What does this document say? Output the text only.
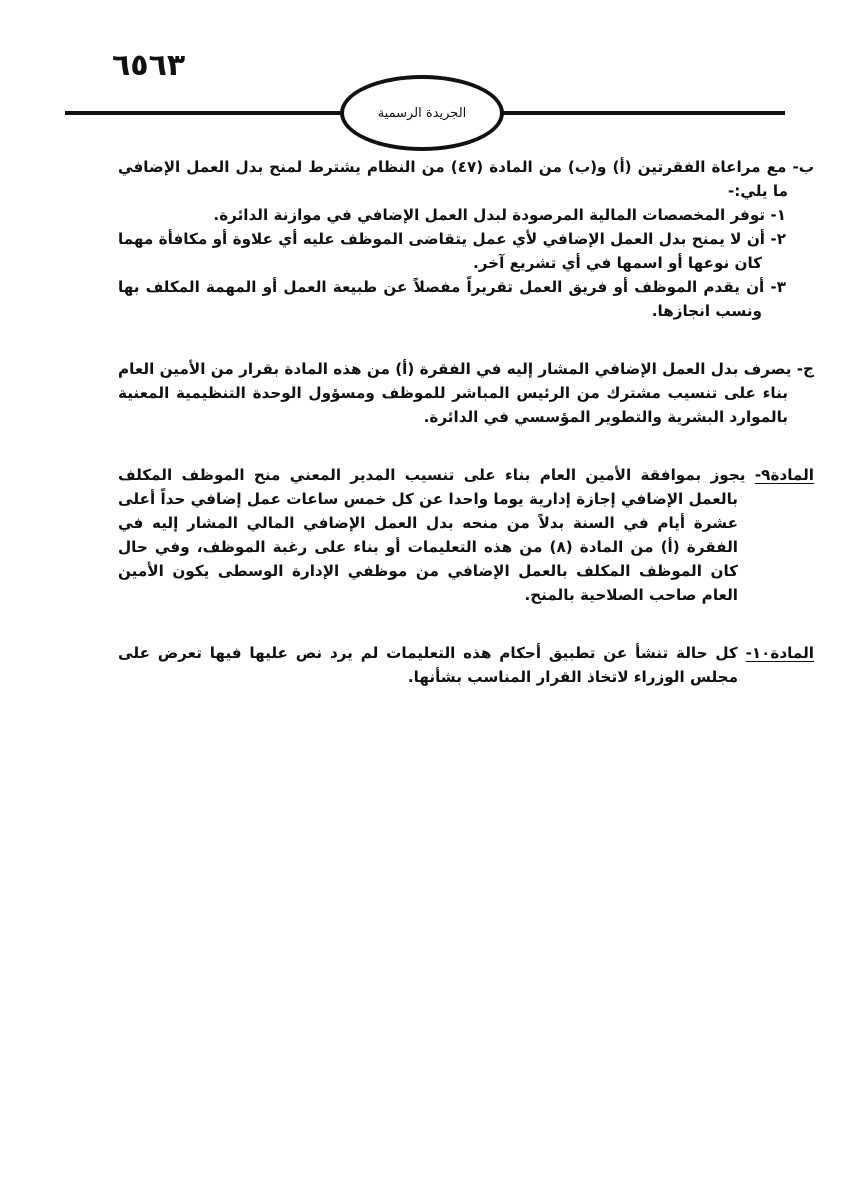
٦٥٦٣
الجريدة الرسمية
ب- مع مراعاة الفقرتين (أ) و(ب) من المادة (٤٧) من النظام يشترط لمنح بدل العمل الإضافي ما يلي:-
١- توفر المخصصات المالية المرصودة لبدل العمل الإضافي في موازنة الدائرة.
٢- أن لا يمنح بدل العمل الإضافي لأي عمل يتقاضى الموظف عليه أي علاوة أو مكافأة مهما كان نوعها أو اسمها في أي تشريع آخر.
٣- أن يقدم الموظف أو فريق العمل تقريراً مفصلاً عن طبيعة العمل أو المهمة المكلف بها ونسب انجازها.
ج- يصرف بدل العمل الإضافي المشار إليه في الفقرة (أ) من هذه المادة بقرار من الأمين العام بناء على تنسيب مشترك من الرئيس المباشر للموظف ومسؤول الوحدة التنظيمية المعنية بالموارد البشرية والتطوير المؤسسي في الدائرة.
المادة٩- يجوز بموافقة الأمين العام بناء على تنسيب المدير المعني منح الموظف المكلف بالعمل الإضافي إجازة إدارية يوما واحدا عن كل خمس ساعات عمل إضافي حداً أعلى عشرة أيام في السنة بدلاً من منحه بدل العمل الإضافي المالي المشار إليه في الفقرة (أ) من المادة (٨) من هذه التعليمات أو بناء على رغبة الموظف، وفي حال كان الموظف المكلف بالعمل الإضافي من موظفي الإدارة الوسطى يكون الأمين العام صاحب الصلاحية بالمنح.
المادة١٠- كل حالة تنشأ عن تطبيق أحكام هذه التعليمات لم يرد نص عليها فيها تعرض على مجلس الوزراء لاتخاذ القرار المناسب بشأنها.
